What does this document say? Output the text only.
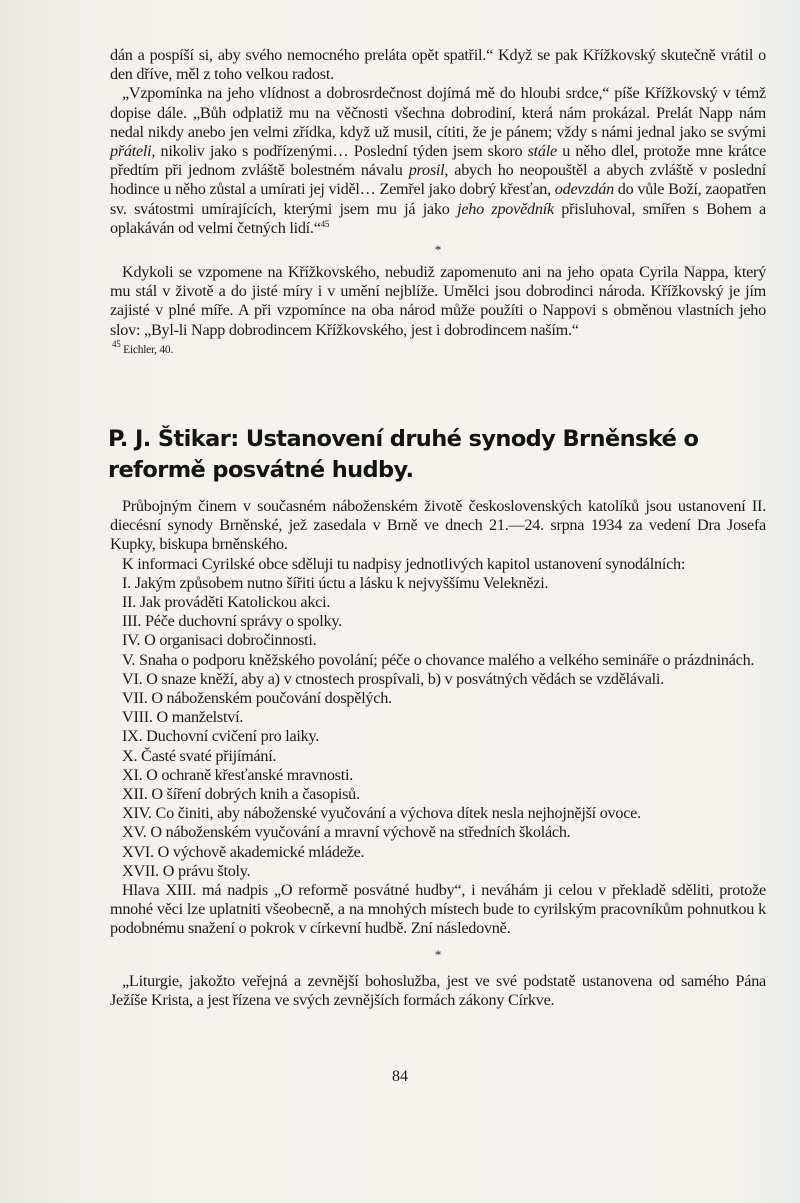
dán a pospíší si, aby svého nemocného preláta opět spatřil.“ Když se pak Křížkovský skutečně vrátil o den dříve, měl z toho velkou radost.

„Vzpomínka na jeho vlídnost a dobrosrdečnost dojímá mě do hloubi srdce,“ píše Křížkovský v témž dopise dále. „Bůh odplatiž mu na věčnosti všechna dobrodiní, která nám prokázal. Prelát Napp nám nedal nikdy anebo jen velmi zřídka, když už musil, cítiti, že je pánem; vždy s námi jednal jako se svými přáteli, nikoliv jako s podřízenými… Poslední týden jsem skoro stále u něho dlel, protože mne krátce předtím při jednom zvláště bolestném návalu prosil, abych ho neopouštěl a abych zvláště v poslední hodince u něho zůstal a umírati jej viděl… Zemřel jako dobrý křesťan, odevzdán do vůle Boží, zaopatřen sv. svátostmi umírajících, kterými jsem mu já jako jeho zpovědník přisluhoval, smířen s Bohem a oplakáván od velmi četných lidí.“$^{45}$

*

Kdykoli se vzpomene na Křížkovského, nebudiž zapomenuto ani na jeho opata Cyrila Nappa, který mu stál v životě a do jisté míry i v umění nejblíže. Umělci jsou dobrodinci národa. Křížkovský je jím zajisté v plné míře. A při vzpomínce na oba národ může použíti o Nappovi s obměnou vlastních jeho slov: „Byl-li Napp dobrodincem Křížkovského, jest i dobrodincem naším.“

$^{45}$ Eichler, 40.
P. J. Štikar: Ustanovení druhé synody Brněnské o reformě posvátné hudby.

Průbojným činem v současném náboženském životě československých katolíků jsou ustanovení II. diecésní synody Brněnské, jež zasedala v Brně ve dnech 21.—24. srpna 1934 za vedení Dra Josefa Kupky, biskupa brněnského.

K informaci Cyrilské obce sděluji tu nadpisy jednotlivých kapitol ustanovení synodálních:

I. Jakým způsobem nutno šířiti úctu a lásku k nejvyššímu Veleknězi.

II. Jak prováděti Katolickou akci.

III. Péče duchovní správy o spolky.

IV. O organisaci dobročinnosti.

V. Snaha o podporu kněžského povolání; péče o chovance malého a velkého semináře o prázdninách.

VI. O snaze kněží, aby a) v ctnostech prospívali, b) v posvátných vědách se vzdělávali.

VII. O náboženském poučování dospělých.

VIII. O manželství.

IX. Duchovní cvičení pro laiky.

X. Časté svaté přijímání.

XI. O ochraně křesťanské mravnosti.

XII. O šíření dobrých knih a časopisů.

XIV. Co činiti, aby náboženské vyučování a výchova dítek nesla nejhojnější ovoce.

XV. O náboženském vyučování a mravní výchově na středních školách.

XVI. O výchově akademické mládeže.

XVII. O právu štoly.

Hlava XIII. má nadpis „O reformě posvátné hudby“, i neváhám ji celou v překladě sděliti, protože mnohé věci lze uplatniti všeobecně, a na mnohých místech bude to cyrilským pracovníkům pohnutkou k podobnému snažení o pokrok v církevní hudbě. Zní následovně.

*

„Liturgie, jakožto veřejná a zevnější bohoslužba, jest ve své podstatě ustanovena od samého Pána Ježíše Krista, a jest řízena ve svých zevnějších formách zákony Církve.

84
